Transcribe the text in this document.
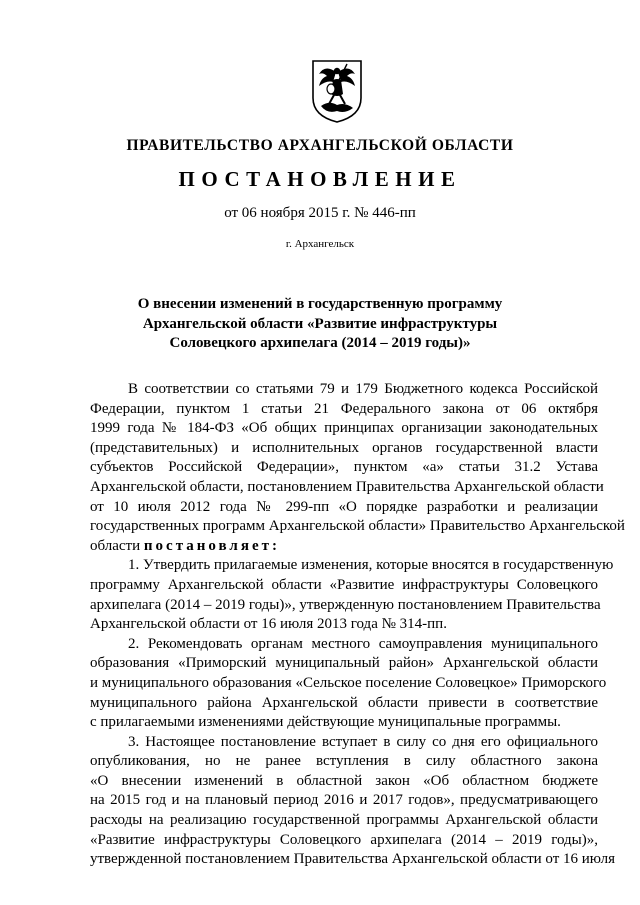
ПРАВИТЕЛЬСТВО АРХАНГЕЛЬСКОЙ ОБЛАСТИ
ПОСТАНОВЛЕНИЕ
от 06 ноября 2015 г. № 446-пп
г. Архангельск
О внесении изменений в государственную программу
Архангельской области «Развитие инфраструктуры
Соловецкого архипелага (2014 – 2019 годы)»
В соответствии со статьями 79 и 179 Бюджетного кодекса Российской
Федерации, пунктом 1 статьи 21 Федерального закона от 06 октября
1999 года № 184-ФЗ «Об общих принципах организации законодательных
(представительных) и исполнительных органов государственной власти
субъектов Российской Федерации», пунктом «а» статьи 31.2 Устава
Архангельской области, постановлением Правительства Архангельской области
от 10 июля 2012 года № 299-пп «О порядке разработки и реализации
государственных программ Архангельской области» Правительство Архангельской
области постановляет:
1. Утвердить прилагаемые изменения, которые вносятся в государственную
программу Архангельской области «Развитие инфраструктуры Соловецкого
архипелага (2014 – 2019 годы)», утвержденную постановлением Правительства
Архангельской области от 16 июля 2013 года № 314-пп.
2. Рекомендовать органам местного самоуправления муниципального
образования «Приморский муниципальный район» Архангельской области
и муниципального образования «Сельское поселение Соловецкое» Приморского
муниципального района Архангельской области привести в соответствие
с прилагаемыми изменениями действующие муниципальные программы.
3. Настоящее постановление вступает в силу со дня его официального
опубликования, но не ранее вступления в силу областного закона
«О внесении изменений в областной закон «Об областном бюджете
на 2015 год и на плановый период 2016 и 2017 годов», предусматривающего
расходы на реализацию государственной программы Архангельской области
«Развитие инфраструктуры Соловецкого архипелага (2014 – 2019 годы)»,
утвержденной постановлением Правительства Архангельской области от 16 июля
